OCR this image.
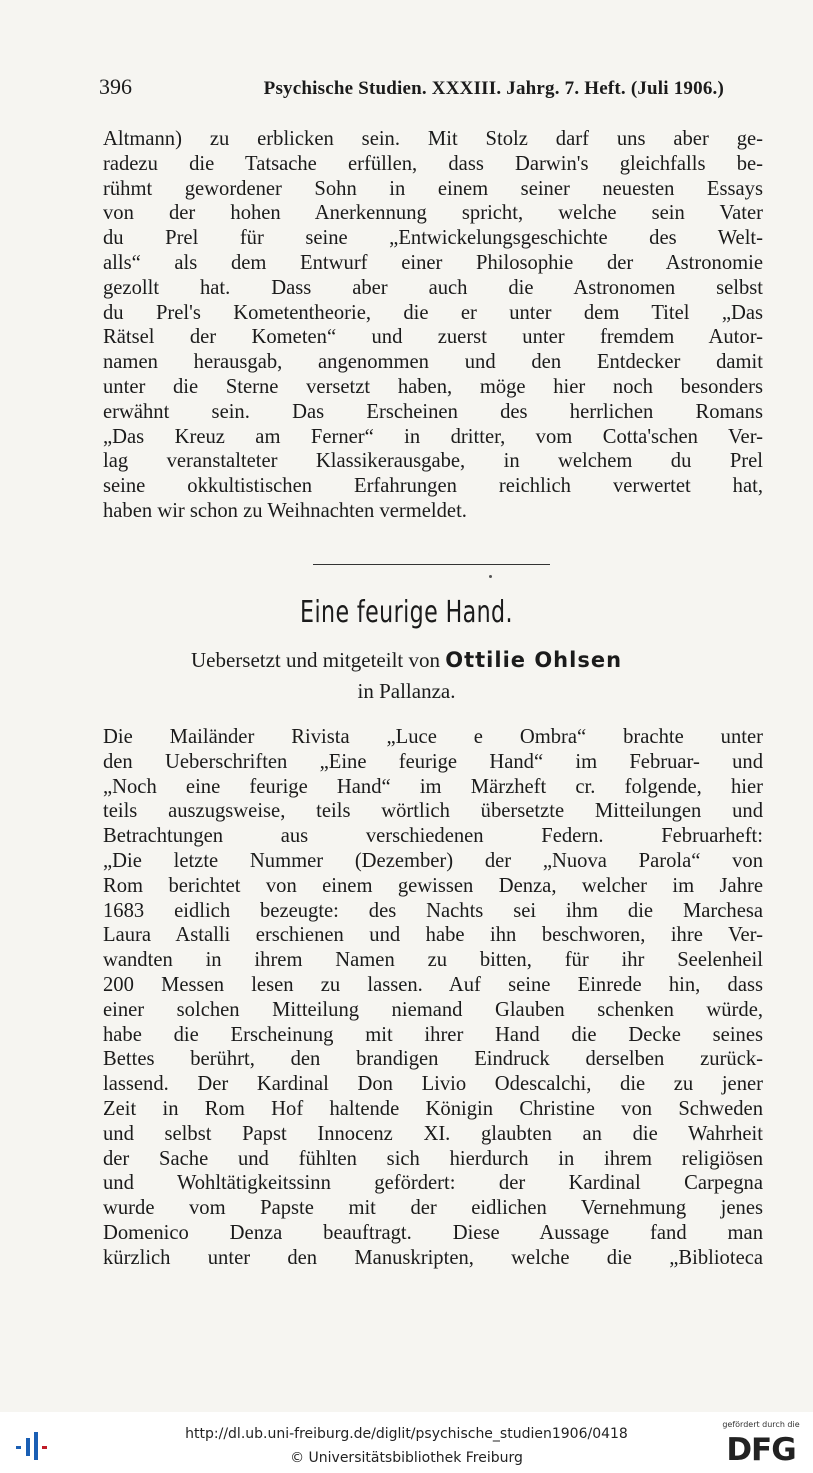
396	Psychische Studien. XXXIII. Jahrg. 7. Heft. (Juli 1906.)
Altmann) zu erblicken sein. Mit Stolz darf uns aber ge-
radezu die Tatsache erfüllen, dass Darwin's gleichfalls be-
rühmt gewordener Sohn in einem seiner neuesten Essays
von der hohen Anerkennung spricht, welche sein Vater
du Prel für seine „Entwickelungsgeschichte des Welt-
alls“ als dem Entwurf einer Philosophie der Astronomie
gezollt hat. Dass aber auch die Astronomen selbst
du Prel's Kometentheorie, die er unter dem Titel „Das
Rätsel der Kometen“ und zuerst unter fremdem Autor-
namen herausgab, angenommen und den Entdecker damit
unter die Sterne versetzt haben, möge hier noch besonders
erwähnt sein. Das Erscheinen des herrlichen Romans
„Das Kreuz am Ferner“ in dritter, vom Cotta'schen Ver-
lag veranstalteter Klassikerausgabe, in welchem du Prel
seine okkultistischen Erfahrungen reichlich verwertet hat,
haben wir schon zu Weihnachten vermeldet.
Eine feurige Hand.
Uebersetzt und mitgeteilt von Ottilie Ohlsen
in Pallanza.
Die Mailänder Rivista „Luce e Ombra“ brachte unter
den Ueberschriften „Eine feurige Hand“ im Februar- und
„Noch eine feurige Hand“ im Märzheft cr. folgende, hier
teils auszugsweise, teils wörtlich übersetzte Mitteilungen und
Betrachtungen aus verschiedenen Federn. Februarheft:
„Die letzte Nummer (Dezember) der „Nuova Parola“ von
Rom berichtet von einem gewissen Denza, welcher im Jahre
1683 eidlich bezeugte: des Nachts sei ihm die Marchesa
Laura Astalli erschienen und habe ihn beschworen, ihre Ver-
wandten in ihrem Namen zu bitten, für ihr Seelenheil
200 Messen lesen zu lassen. Auf seine Einrede hin, dass
einer solchen Mitteilung niemand Glauben schenken würde,
habe die Erscheinung mit ihrer Hand die Decke seines
Bettes berührt, den brandigen Eindruck derselben zurück-
lassend. Der Kardinal Don Livio Odescalchi, die zu jener
Zeit in Rom Hof haltende Königin Christine von Schweden
und selbst Papst Innocenz XI. glaubten an die Wahrheit
der Sache und fühlten sich hierdurch in ihrem religiösen
und Wohltätigkeitssinn gefördert: der Kardinal Carpegna
wurde vom Papste mit der eidlichen Vernehmung jenes
Domenico Denza beauftragt. Diese Aussage fand man
kürzlich unter den Manuskripten, welche die „Biblioteca
http://dl.ub.uni-freiburg.de/diglit/psychische_studien1906/0418
© Universitätsbibliothek Freiburg
gefördert durch die
DFG
